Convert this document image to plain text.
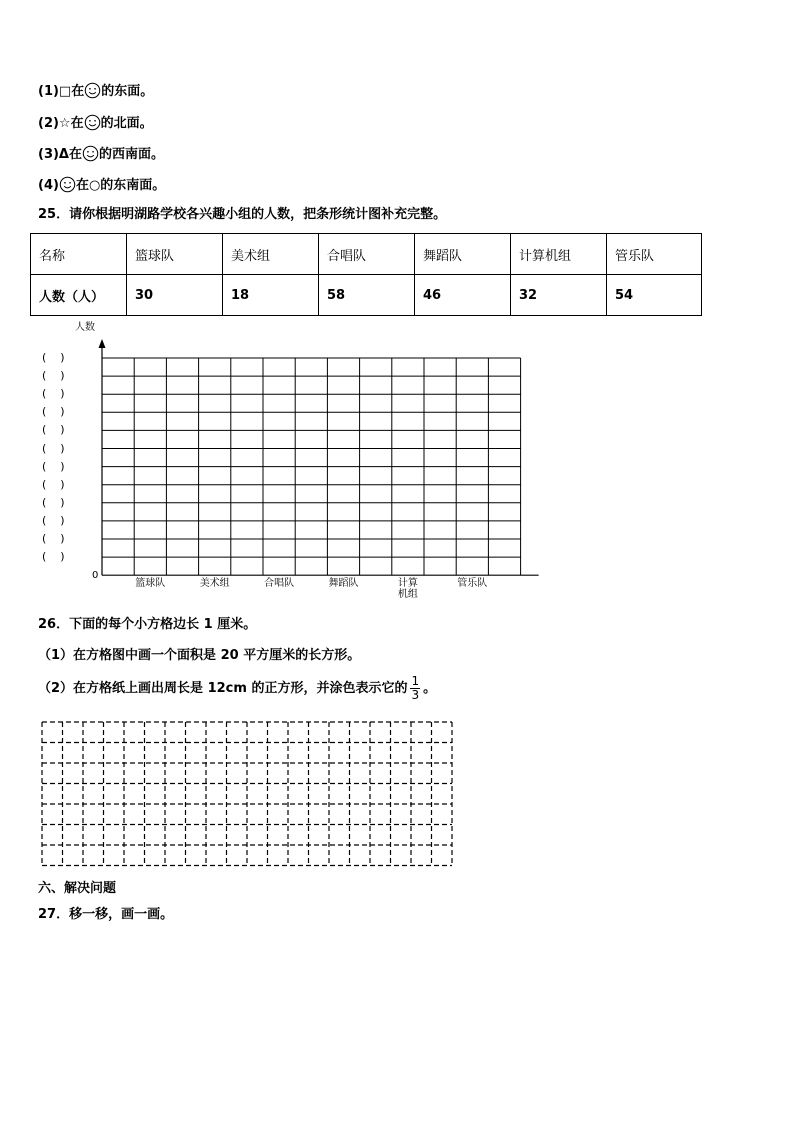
(1)□在 的东面。
(2)☆在 的北面。
(3)Δ在 的西南面。
(4) 在○的东南面。
25．请你根据明湖路学校各兴趣小组的人数，把条形统计图补充完整。
名称	篮球队	美术组	合唱队	舞蹈队	计算机组	管乐队
人数（人）	30	18	58	46	32	54
人数
(    )
(    )
(    )
(    )
(    )
(    )
(    )
(    )
(    )
(    )
(    )
(    )
篮球队	美术组	合唱队	舞蹈队	计算
机组
管乐队
0
26．下面的每个小方格边长 1 厘米。
（1）在方格图中画一个面积是 20 平方厘米的长方形。
（2）在方格纸上画出周长是 12cm 的正方形，并涂色表示它的 $\frac{1}{3}$ 。
六、解决问题
27．移一移，画一画。
